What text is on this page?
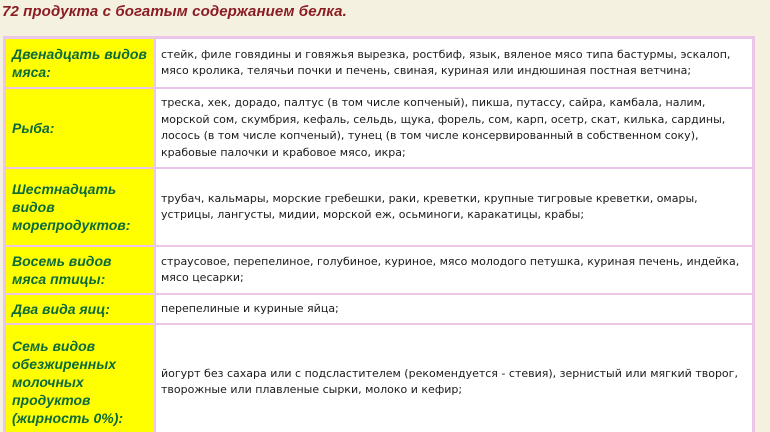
72 продукта с богатым содержанием белка.
Двенадцать видов мяса:	стейк, филе говядины и говяжья вырезка, ростбиф, язык, вяленое мясо типа бастурмы, эскалоп, мясо кролика, телячьи почки и печень, свиная, куриная или индюшиная постная ветчина;
Рыба:	треска, хек, дорадо, палтус (в том числе копченый), пикша, путассу, сайра, камбала, налим, морской сом, скумбрия, кефаль, сельдь, щука, форель, сом, карп, осетр, скат, килька, сардины, лосось (в том числе копченый), тунец (в том числе консервированный в собственном соку), крабовые палочки и крабовое мясо, икра;
Шестнадцать видов морепродуктов:	трубач, кальмары, морские гребешки, раки, креветки, крупные тигровые креветки, омары, устрицы, лангусты, мидии, морской еж, осьминоги, каракатицы, крабы;
Восемь видов мяса птицы:	страусовое, перепелиное, голубиное, куриное, мясо молодого петушка, куриная печень, индейка, мясо цесарки;
Два вида яиц:	перепелиные и куриные яйца;
Семь видов обезжиренных молочных продуктов (жирность 0%):	йогурт без сахара или с подсластителем (рекомендуется - стевия), зернистый или мягкий творог, творожные или плавленые сырки, молоко и кефир;
